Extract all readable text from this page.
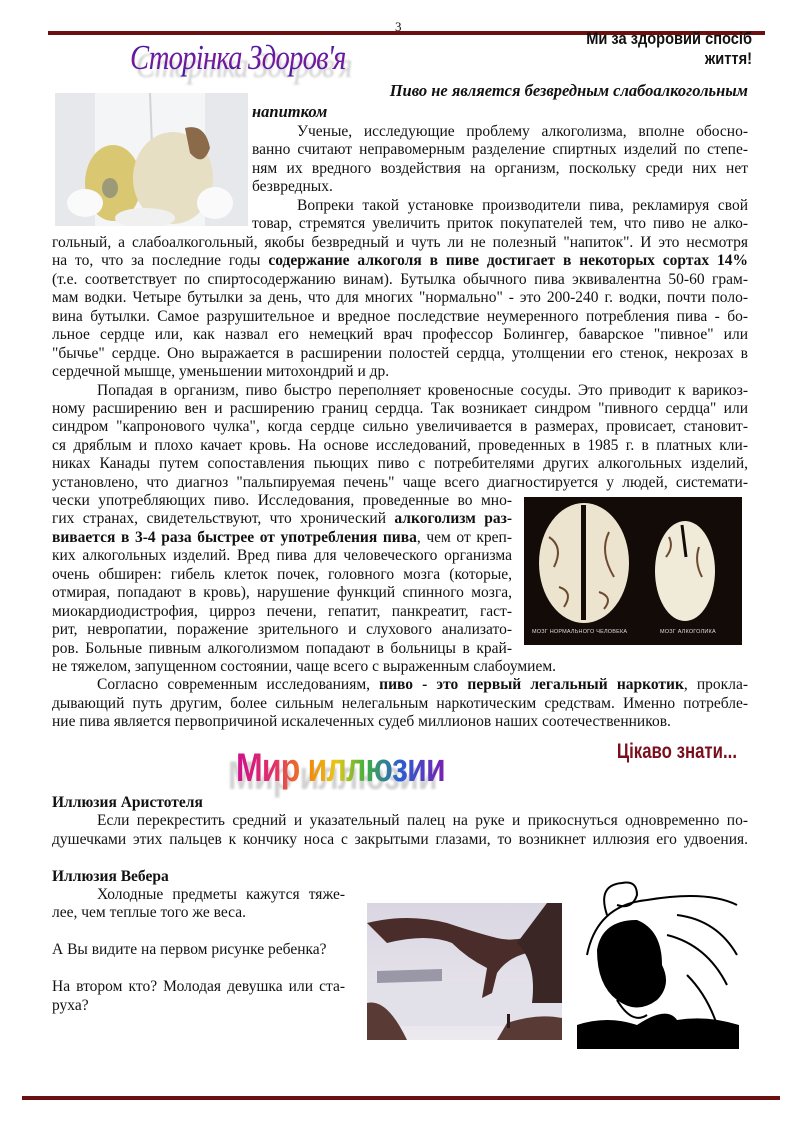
3
Ми за здоровий спосіб життя!
Сторінка Здоров'я
Пиво не является безвредным слабоалкогольным
напитком
Ученые, исследующие проблему алкоголизма, вполне обосно-
ванно считают неправомерным разделение спиртных изделий по степе-
ням их вредного воздействия на организм, поскольку среди них нет
безвредных.
Вопреки такой установке производители пива, рекламируя свой
товар, стремятся увеличить приток покупателей тем, что пиво не алко-
гольный, а слабоалкогольный, якобы безвредный и чуть ли не полезный "напиток". И это несмотря
на то, что за последние годы содержание алкоголя в пиве достигает в некоторых сортах 14%
(т.е. соответствует по спиртосодержанию винам). Бутылка обычного пива эквивалентна 50-60 грам-
мам водки. Четыре бутылки за день, что для многих "нормально" - это 200-240 г. водки, почти поло-
вина бутылки. Самое разрушительное и вредное последствие неумеренного потребления пива - бо-
льное сердце или, как назвал его немецкий врач профессор Болингер, баварское "пивное" или
"бычье" сердце. Оно выражается в расширении полостей сердца, утолщении его стенок, некрозах в
сердечной мышце, уменьшении митохондрий и др.
Попадая в организм, пиво быстро переполняет кровеносные сосуды. Это приводит к варикоз-
ному расширению вен и расширению границ сердца. Так возникает синдром "пивного сердца" или
синдром "капронового чулка", когда сердце сильно увеличивается в размерах, провисает, становит-
ся дряблым и плохо качает кровь. На основе исследований, проведенных в 1985 г. в платных кли-
никах Канады путем сопоставления пьющих пиво с потребителями других алкогольных изделий,
установлено, что диагноз "пальпируемая печень" чаще всего диагностируется у людей, системати-
чески употребляющих пиво. Исследования, проведенные во мно-
гих странах, свидетельствуют, что хронический алкоголизм раз-
вивается в 3-4 раза быстрее от употребления пива, чем от креп-
ких алкогольных изделий. Вред пива для человеческого организма
очень обширен: гибель клеток почек, головного мозга (которые,
отмирая, попадают в кровь), нарушение функций спинного мозга,
миокардиодистрофия, цирроз печени, гепатит, панкреатит, гаст-
рит, невропатии, поражение зрительного и слухового анализато-
ров. Больные пивным алкоголизмом попадают в больницы в край-
не тяжелом, запущенном состоянии, чаще всего с выраженным слабоумием.
Согласно современным исследованиям, пиво - это первый легальный наркотик, прокла-
дывающий путь другим, более сильным нелегальным наркотическим средствам. Именно потребле-
ние пива является первопричиной искалеченных судеб миллионов наших соотечественников.
МОЗГ НОРМАЛЬНОГО ЧЕЛОВЕКА	МОЗГ АЛКОГОЛИКА
Цікаво знати...
Мир иллюзии
Иллюзия Аристотеля
Если перекрестить средний и указательный палец на руке и прикоснуться одновременно по-
душечками этих пальцев к кончику носа с закрытыми глазами, то возникнет иллюзия его удвоения.
Иллюзия Вебера
Холодные предметы кажутся тяже-
лее, чем теплые того же веса.
А Вы видите на первом рисунке ребенка?
На втором кто? Молодая девушка или ста-
руха?
